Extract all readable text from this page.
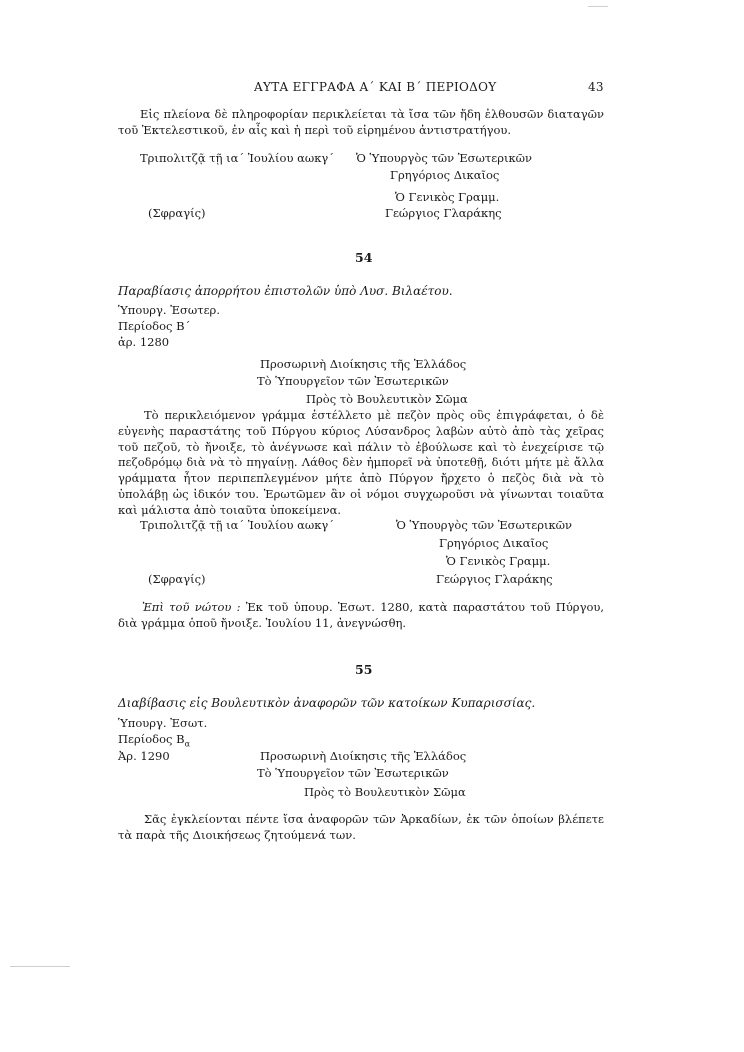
ΑΥΤΑ ΕΓΓΡΑΦΑ Α΄ ΚΑΙ Β΄ ΠΕΡΙΟΔΟΥ	43
Εἰς πλείονα δὲ πληροφορίαν περικλείεται τὰ ἴσα τῶν ἤδη ἐλθουσῶν διαταγῶν τοῦ Ἐκτελεστικοῦ, ἐν αἷς καὶ ἡ περὶ τοῦ εἰρημένου ἀντιστρατήγου.
Τριπολιτζᾷ τῇ ια΄ Ἰουλίου αωκγ΄ Ὁ Ὑπουργὸς τῶν Ἐσωτερικῶν
Γρηγόριος Δικαῖος
Ὁ Γενικὸς Γραμμ.
Γεώργιος Γλαράκης
(Σφραγίς)
54
Παραβίασις ἀπορρήτου ἐπιστολῶν ὑπὸ Λυσ. Βιλαέτου.
Ὑπουργ. Ἐσωτερ.
Περίοδος Β΄
ἀρ. 1280
Προσωρινὴ Διοίκησις τῆς Ἑλλάδος
Τὸ Ὑπουργεῖον τῶν Ἐσωτερικῶν
Πρὸς τὸ Βουλευτικὸν Σῶμα
Τὸ περικλειόμενον γράμμα ἐστέλλετο μὲ πεζὸν πρὸς οὓς ἐπιγράφεται, ὁ δὲ εὐγενὴς παραστάτης τοῦ Πύργου κύριος Λύσανδρος λαβὼν αὐτὸ ἀπὸ τὰς χεῖρας τοῦ πεζοῦ, τὸ ἤνοιξε, τὸ ἀνέγνωσε καὶ πάλιν τὸ ἐβούλωσε καὶ τὸ ἐνεχείρισε τῷ πεζοδρόμῳ διὰ νὰ τὸ πηγαίνῃ. Λάθος δὲν ἠμπορεῖ νὰ ὑποτεθῇ, διότι μήτε μὲ ἄλλα γράμματα ἦτον περιπεπλεγμένον μήτε ἀπὸ Πύργον ἤρχετο ὁ πεζὸς διὰ νὰ τὸ ὑπολάβῃ ὡς ἰδικόν του. Ἐρωτῶμεν ἂν οἱ νόμοι συγχωροῦσι νὰ γίνωνται τοιαῦτα καὶ μάλιστα ἀπὸ τοιαῦτα ὑποκείμενα.
Τριπολιτζᾷ τῇ ια΄ Ἰουλίου αωκγ΄	Ὁ Ὑπουργὸς τῶν Ἐσωτερικῶν
Γρηγόριος Δικαῖος
Ὁ Γενικὸς Γραμμ.
Γεώργιος Γλαράκης
(Σφραγίς)
Ἐπὶ τοῦ νώτου : Ἐκ τοῦ ὑπουρ. Ἐσωτ. 1280, κατὰ παραστάτου τοῦ Πύργου, διὰ γράμμα ὁποῦ ἤνοιξε. Ἰουλίου 11, ἀνεγνώσθη.
55
Διαβίβασις εἰς Βουλευτικὸν ἀναφορῶν τῶν κατοίκων Κυπαρισσίας.
Ὑπουργ. Ἐσωτ.
Περίοδος $B_\alpha$
Ἀρ. 1290	Προσωρινὴ Διοίκησις τῆς Ἑλλάδος
Τὸ Ὑπουργεῖον τῶν Ἐσωτερικῶν
Πρὸς τὸ Βουλευτικὸν Σῶμα
Σᾶς ἐγκλείονται πέντε ἴσα ἀναφορῶν τῶν Ἀρκαδίων, ἐκ τῶν ὁποίων βλέπετε τὰ παρὰ τῆς Διοικήσεως ζητούμενά των.
